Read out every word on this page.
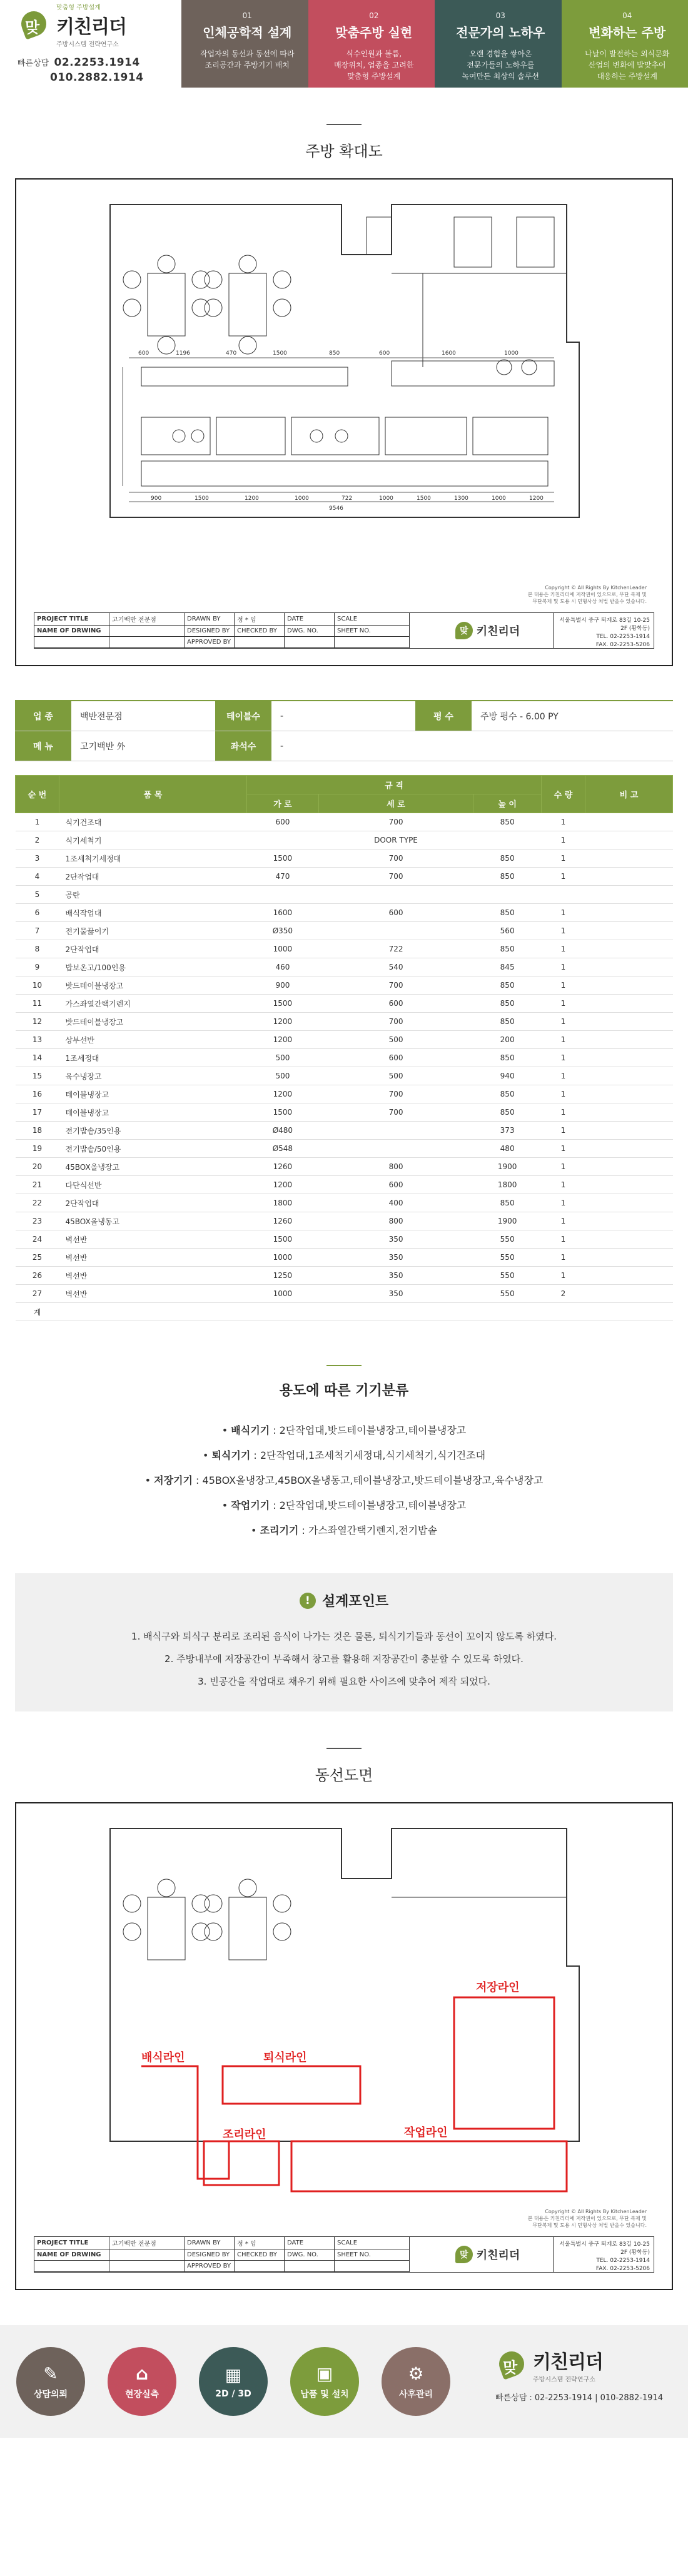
맞
맞춤형 주방설계
키친리더
주방시스템 전략연구소
빠른상담 02.2253.1914
010.2882.1914
01
인체공학적 설계
작업자의 동선과 동선에 따라 조리공간과 주방기기 배치
02
맞춤주방 실현
식수인원과 볼륨,
매장위치, 업종을 고려한
맞춤형 주방설계
03
전문가의 노하우
오랜 경험을 쌓아온
전문가들의 노하우를
녹여만든 최상의 솔루션
04
변화하는 주방
나날이 발전하는 외식문화
산업의 변화에 발맞추어
대응하는 주방설계
주방 확대도
600	1196	470	1500	850	600	1600	1000
900	1500	1200	1000	722	1000	1500	1300	1000	1200
9546
Copyright © All Rights By KitchenLeader
본 대용은 키친리더에 저작권이 있으므로, 무단 복제 및
무단복제 및 도용 시 민형사상 처벌 받을수 있습니다.
PROJECT TITLE	고기백반 전문점	DRAWN BY	정 * 임	DATE	SCALE
NAME OF DRWING	DESIGNED BY	CHECKED BY	DWG. NO.	SHEET NO.
APPROVED BY
맞 키친리더
서울특별시 중구 퇴계로 83길 10-25 2F (황학동)
TEL. 02-2253-1914
FAX. 02-2253-5206
업 종	백반전문점	테이블수	-	평 수	주방 평수 - 6.00 PY
메 뉴	고기백반 外	좌석수	-
순 번	품 목	규 격			수 량	비 고
		가 로	세 로	높 이		
1	식기건조대	600	700	850	1	
2	식기세척기		DOOR TYPE		1	
3	1조세척기세정대	1500	700	850	1	
4	2단작업대	470	700	850	1	
5	공란					
6	배식작업대	1600	600	850	1	
7	전기물끓이기	Ø350		560	1	
8	2단작업대	1000	722	850	1	
9	밥보온고/100인용	460	540	845	1	
10	밧드테이블냉장고	900	700	850	1	
11	가스좌열간택기렌지	1500	600	850	1	
12	밧드테이블냉장고	1200	700	850	1	
13	상부선반	1200	500	200	1	
14	1조세정대	500	600	850	1	
15	육수냉장고	500	500	940	1	
16	테이블냉장고	1200	700	850	1	
17	테이블냉장고	1500	700	850	1	
18	전기밥솥/35인용	Ø480		373	1	
19	전기밥솥/50인용	Ø548		480	1	
20	45BOX올냉장고	1260	800	1900	1	
21	다단식선반	1200	600	1800	1	
22	2단작업대	1800	400	850	1	
23	45BOX올냉동고	1260	800	1900	1	
24	벽선반	1500	350	550	1	
25	벽선반	1000	350	550	1	
26	벽선반	1250	350	550	1	
27	벽선반	1000	350	550	2	
계						
용도에 따른 기기분류

• 배식기기 : 2단작업대,밧드테이블냉장고,테이블냉장고

• 퇴식기기 : 2단작업대,1조세척기세정대,식기세척기,식기건조대

• 저장기기 : 45BOX올냉장고,45BOX올냉동고,테이블냉장고,밧드테이블냉장고,육수냉장고

• 작업기기 : 2단작업대,밧드테이블냉장고,테이블냉장고

• 조리기기 : 가스좌열간택기렌지,전기밥솥

! 설계포인트

1. 배식구와 퇴식구 분리로 조리된 음식이 나가는 것은 물론, 퇴식기기들과 동선이 꼬이지 않도록 하였다.

2. 주방내부에 저장공간이 부족해서 창고를 활용해 저장공간이 충분할 수 있도록 하였다.

3. 빈공간을 작업대로 채우기 위해 필요한 사이즈에 맞추어 제작 되었다.

동선도면
저장라인
퇴식라인
배식라인
조리라인	작업라인
Copyright © All Rights By KitchenLeader
본 대용은 키친리더에 저작권이 있으므로, 무단 복제 및
무단복제 및 도용 시 민형사상 처벌 받을수 있습니다.
PROJECT TITLE	고기백반 전문점	DRAWN BY	정 * 임	DATE	SCALE
NAME OF DRWING	DESIGNED BY	CHECKED BY	DWG. NO.	SHEET NO.
APPROVED BY
맞 키친리더
서울특별시 중구 퇴계로 83길 10-25 2F (황학동)
TEL. 02-2253-1914
FAX. 02-2253-5206
✎
상담의뢰
⌂
현장실측
▦
2D / 3D
▣
납품 및 설치
⚙
사후관리
맞 키친리더
주방시스템 전략연구소
빠른상담 : 02-2253-1914 | 010-2882-1914
